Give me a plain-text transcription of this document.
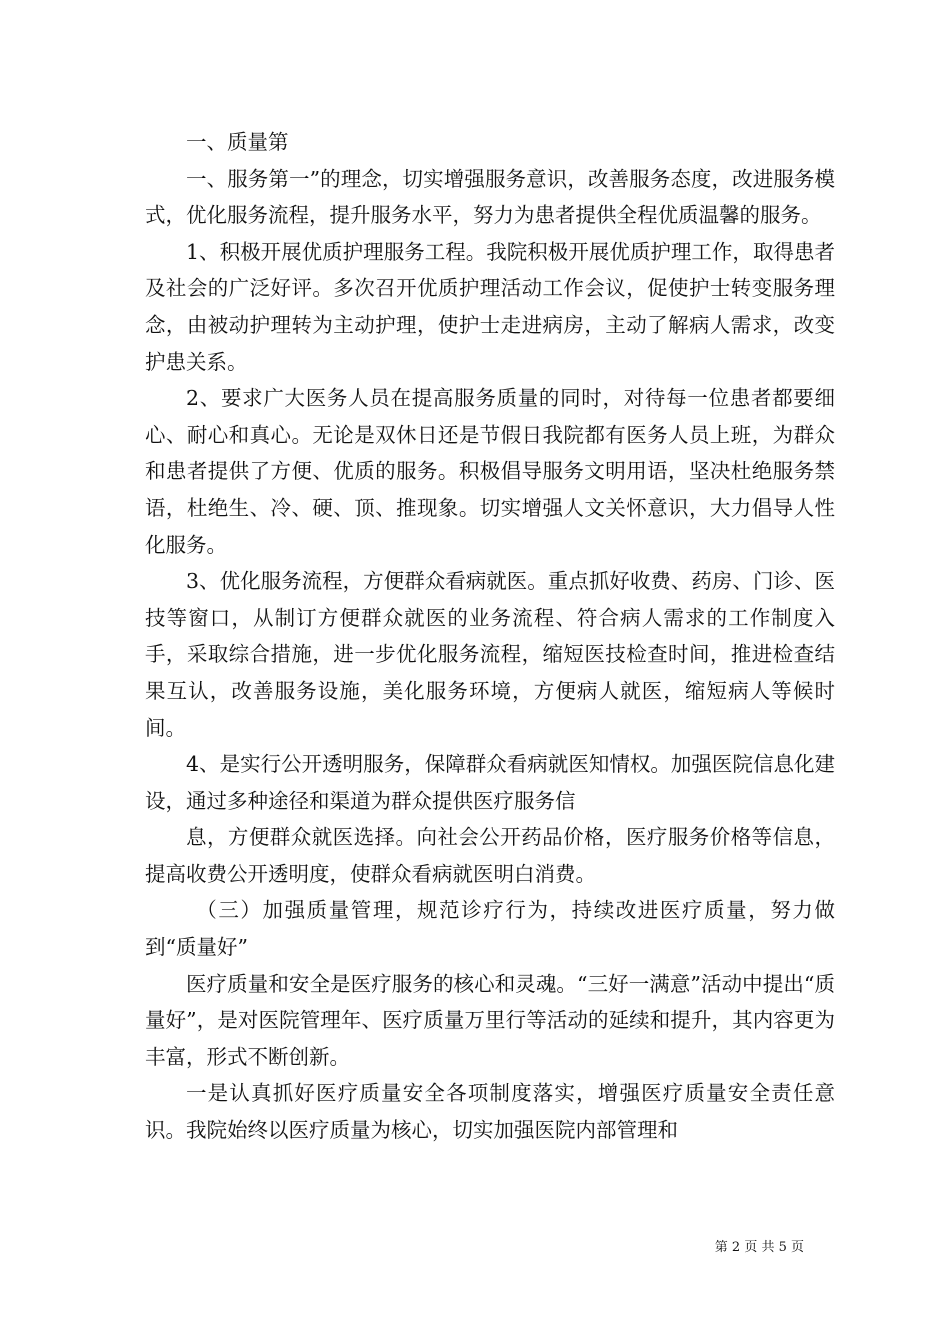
一、质量第

一、服务第一”的理念，切实增强服务意识，改善服务态度，改进服务模式，优化服务流程，提升服务水平，努力为患者提供全程优质温馨的服务。

1、积极开展优质护理服务工程。我院积极开展优质护理工作，取得患者及社会的广泛好评。多次召开优质护理活动工作会议，促使护士转变服务理念，由被动护理转为主动护理，使护士走进病房，主动了解病人需求，改变护患关系。

2、要求广大医务人员在提高服务质量的同时，对待每一位患者都要细心、耐心和真心。无论是双休日还是节假日我院都有医务人员上班，为群众和患者提供了方便、优质的服务。积极倡导服务文明用语，坚决杜绝服务禁语，杜绝生、冷、硬、顶、推现象。切实增强人文关怀意识，大力倡导人性化服务。

3、优化服务流程，方便群众看病就医。重点抓好收费、药房、门诊、医技等窗口，从制订方便群众就医的业务流程、符合病人需求的工作制度入手，采取综合措施，进一步优化服务流程，缩短医技检查时间，推进检查结果互认，改善服务设施，美化服务环境，方便病人就医，缩短病人等候时间。

4、是实行公开透明服务，保障群众看病就医知情权。加强医院信息化建设，通过多种途径和渠道为群众提供医疗服务信

息，方便群众就医选择。向社会公开药品价格，医疗服务价格等信息，提高收费公开透明度，使群众看病就医明白消费。

（三）加强质量管理，规范诊疗行为，持续改进医疗质量，努力做到“质量好”

医疗质量和安全是医疗服务的核心和灵魂。“三好一满意”活动中提出“质量好”，是对医院管理年、医疗质量万里行等活动的延续和提升，其内容更为丰富，形式不断创新。

一是认真抓好医疗质量安全各项制度落实，增强医疗质量安全责任意识。我院始终以医疗质量为核心，切实加强医院内部管理和

第 2 页 共 5 页
